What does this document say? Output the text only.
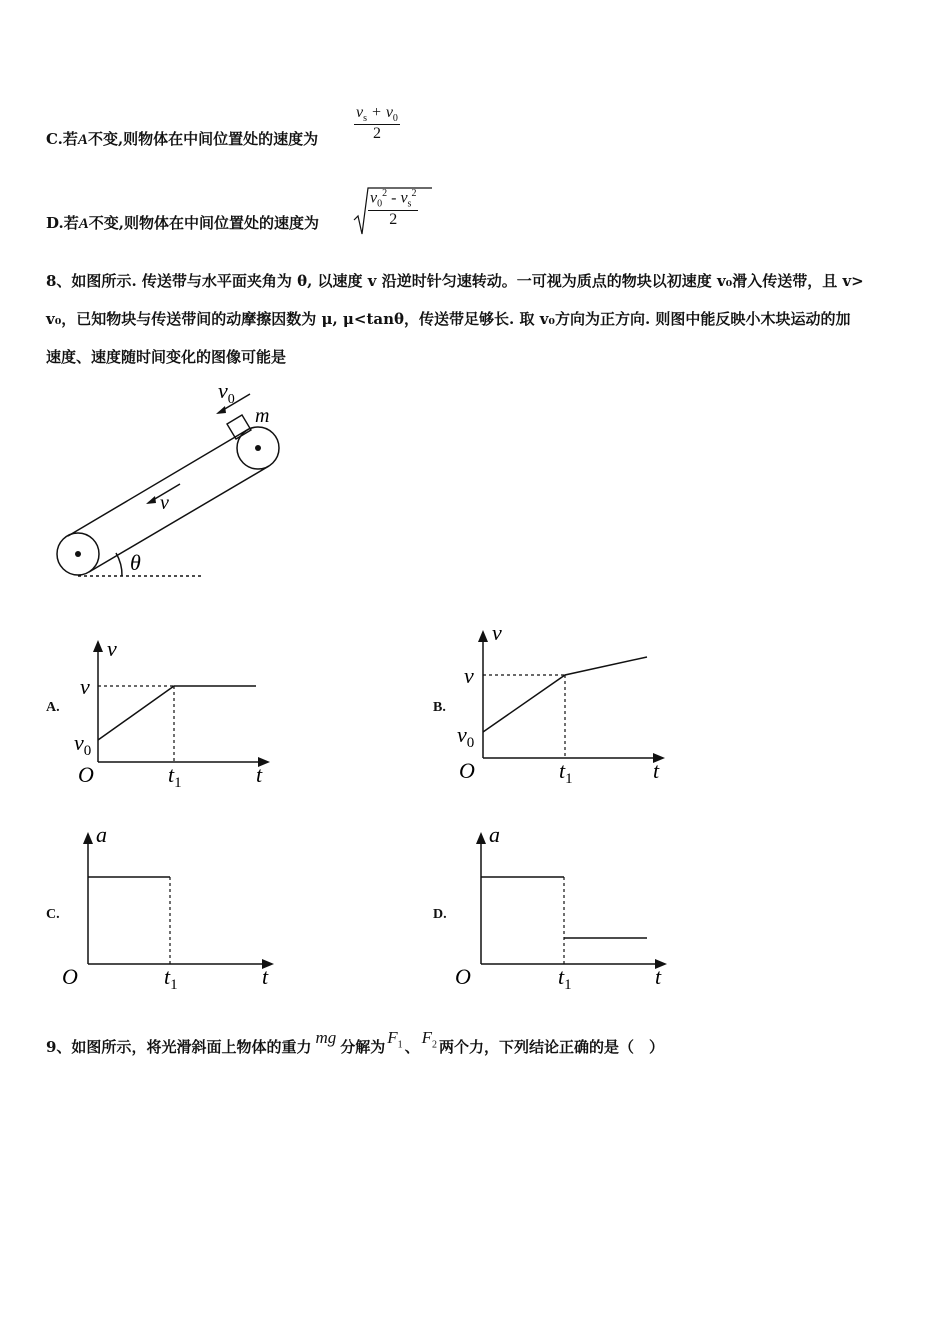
C.若A不变,则物体在中间位置处的速度为
$v_s + v_0$
2
D.若A不变,则物体在中间位置处的速度为
$v_0^2 - v_s^2$
2
8、如图所示. 传送带与水平面夹角为 θ, 以速度 v 沿逆时针匀速转动。一可视为质点的物块以初速度 v₀滑入传送带，且 v>
v₀，已知物块与传送带间的动摩擦因数为 μ, μ<tanθ，传送带足够长. 取 v₀方向为正方向. 则图中能反映小木块运动的加
速度、速度随时间变化的图像可能是
$v_0$
m
v
θ
A.
v
v
$v_0$
O	$t_1$	t
B.
v
v
$v_0$
O	$t_1$	t
C.
a
O	$t_1$	t
D.
a
O	$t_1$	t
9、如图所示，将光滑斜面上物体的重力 mg 分解为 $F_1$ 、 $F_2$ 两个力，下列结论正确的是（　）
